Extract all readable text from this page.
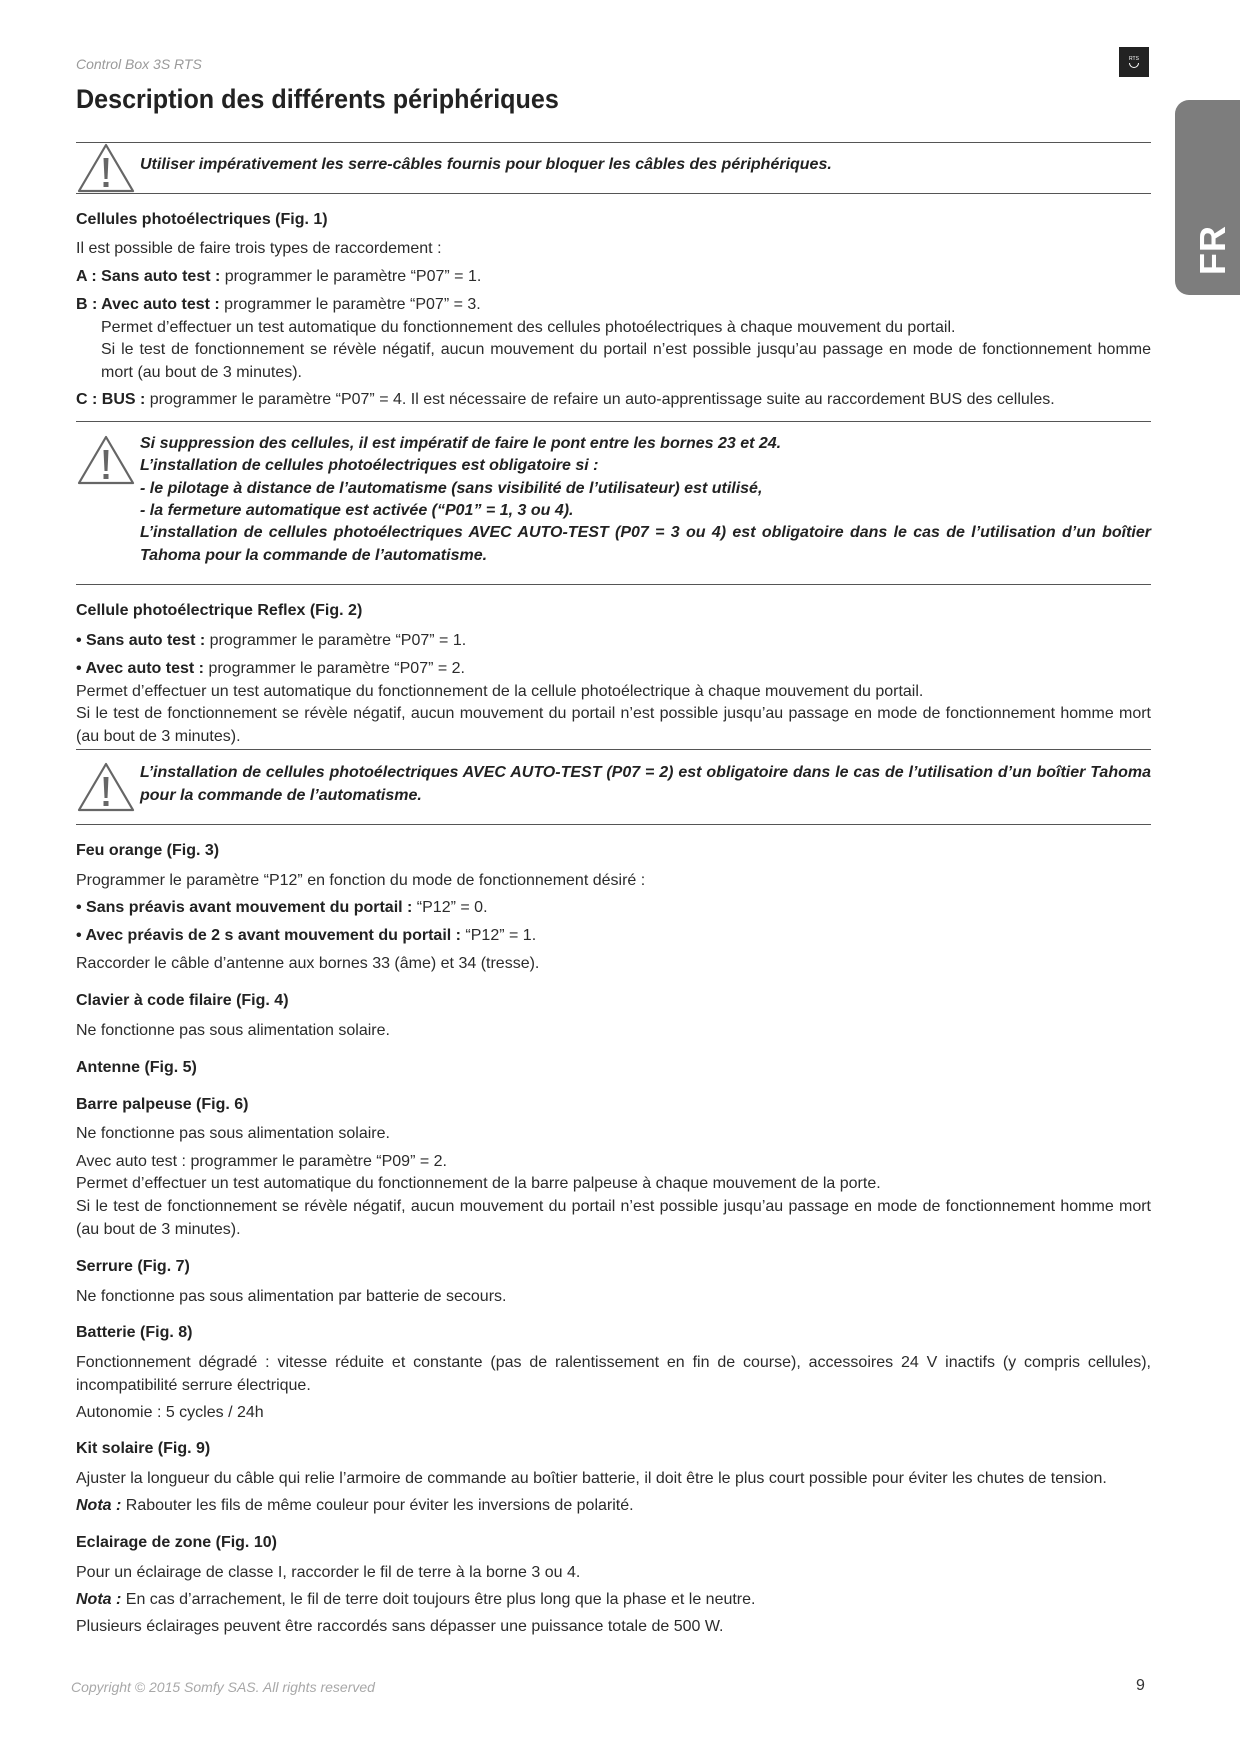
Control Box 3S RTS	RTS
Description des différents périphériques
FR
Utiliser impérativement les serre-câbles fournis pour bloquer les câbles des périphériques.
Cellules photoélectriques (Fig. 1)
Il est possible de faire trois types de raccordement :
A : Sans auto test : programmer le paramètre “P07” = 1.
B : Avec auto test : programmer le paramètre “P07” = 3.
Permet d’effectuer un test automatique du fonctionnement des cellules photoélectriques à chaque mouvement du portail.
Si le test de fonctionnement se révèle négatif, aucun mouvement du portail n’est possible jusqu’au passage en mode de fonctionnement homme mort (au bout de 3 minutes).
C : BUS : programmer le paramètre “P07” = 4. Il est nécessaire de refaire un auto-apprentissage suite au raccordement BUS des cellules.
Si suppression des cellules, il est impératif de faire le pont entre les bornes 23 et 24.
L’installation de cellules photoélectriques est obligatoire si :
- le pilotage à distance de l’automatisme (sans visibilité de l’utilisateur) est utilisé,
- la fermeture automatique est activée (“P01” = 1, 3 ou 4).
L’installation de cellules photoélectriques AVEC AUTO-TEST (P07 = 3 ou 4) est obligatoire dans le cas de l’utilisation d’un boîtier Tahoma pour la commande de l’automatisme.
Cellule photoélectrique Reflex (Fig. 2)
• Sans auto test : programmer le paramètre “P07” = 1.
• Avec auto test : programmer le paramètre “P07” = 2.
Permet d’effectuer un test automatique du fonctionnement de la cellule photoélectrique à chaque mouvement du portail.
Si le test de fonctionnement se révèle négatif, aucun mouvement du portail n’est possible jusqu’au passage en mode de fonctionnement homme mort (au bout de 3 minutes).
L’installation de cellules photoélectriques AVEC AUTO-TEST (P07 = 2) est obligatoire dans le cas de l’utilisation d’un boîtier Tahoma pour la commande de l’automatisme.
Feu orange (Fig. 3)
Programmer le paramètre “P12” en fonction du mode de fonctionnement désiré :
• Sans préavis avant mouvement du portail : “P12” = 0.
• Avec préavis de 2 s avant mouvement du portail : “P12” = 1.
Raccorder le câble d’antenne aux bornes 33 (âme) et 34 (tresse).
Clavier à code filaire (Fig. 4)
Ne fonctionne pas sous alimentation solaire.
Antenne (Fig. 5)
Barre palpeuse (Fig. 6)
Ne fonctionne pas sous alimentation solaire.
Avec auto test : programmer le paramètre “P09” = 2.
Permet d’effectuer un test automatique du fonctionnement de la barre palpeuse à chaque mouvement de la porte.
Si le test de fonctionnement se révèle négatif, aucun mouvement du portail n’est possible jusqu’au passage en mode de fonctionnement homme mort (au bout de 3 minutes).
Serrure (Fig. 7)
Ne fonctionne pas sous alimentation par batterie de secours.
Batterie (Fig. 8)
Fonctionnement dégradé : vitesse réduite et constante (pas de ralentissement en fin de course), accessoires 24 V inactifs (y compris cellules), incompatibilité serrure électrique.
Autonomie : 5 cycles / 24h
Kit solaire (Fig. 9)
Ajuster la longueur du câble qui relie l’armoire de commande au boîtier batterie, il doit être le plus court possible pour éviter les chutes de tension.
Nota : Rabouter les fils de même couleur pour éviter les inversions de polarité.
Eclairage de zone (Fig. 10)
Pour un éclairage de classe I, raccorder le fil de terre à la borne 3 ou 4.
Nota : En cas d’arrachement, le fil de terre doit toujours être plus long que la phase et le neutre.
Plusieurs éclairages peuvent être raccordés sans dépasser une puissance totale de 500 W.
Copyright © 2015 Somfy SAS. All rights reserved	9
